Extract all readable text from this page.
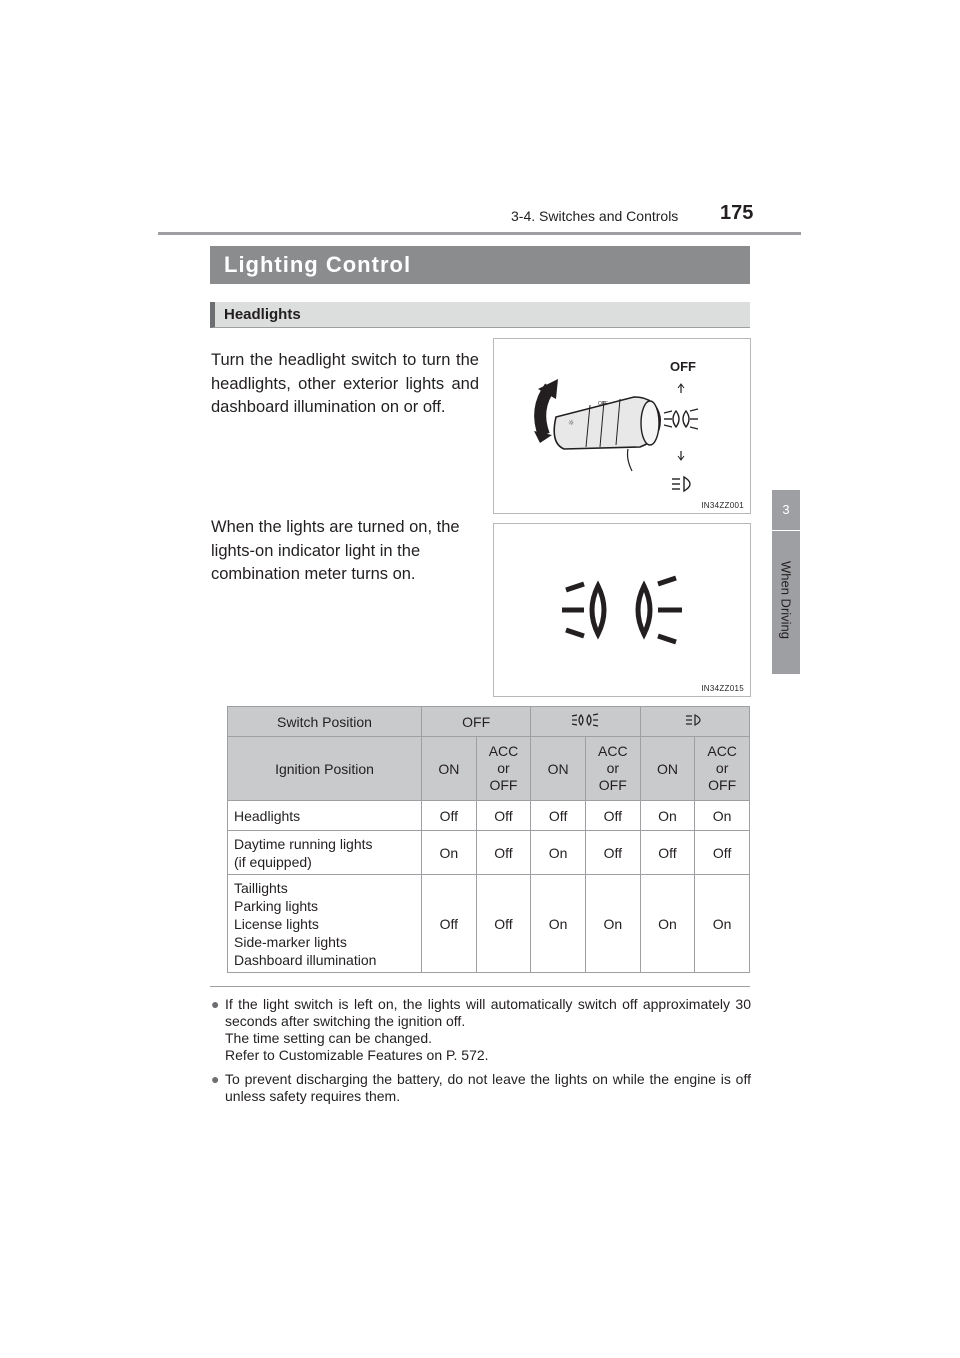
3-4. Switches and Controls 175
3
When Driving
Lighting Control
Headlights
Turn the headlight switch to turn the headlights, other exterior lights and dashboard illumination on or off.
When the lights are turned on, the lights-on indicator light in the combination meter turns on.
OFF
☼
OFF
IN34ZZ001
IN34ZZ015
Switch Position	OFF		
Ignition Position	ON	ACC or OFF	ON	ACC or OFF	ON	ACC or OFF
Headlights	Off	Off	Off	Off	On	On

Daytime running lights
(if equipped)	On	Off	On	Off	Off	Off

Taillights
Parking lights
License lights
Side-marker lights
Dashboard illumination	Off	Off	On	On	On	On
● If the light switch is left on, the lights will automatically switch off approximately 30 seconds after switching the ignition off.
The time setting can be changed.
Refer to Customizable Features on P. 572.
● To prevent discharging the battery, do not leave the lights on while the engine is off unless safety requires them.
